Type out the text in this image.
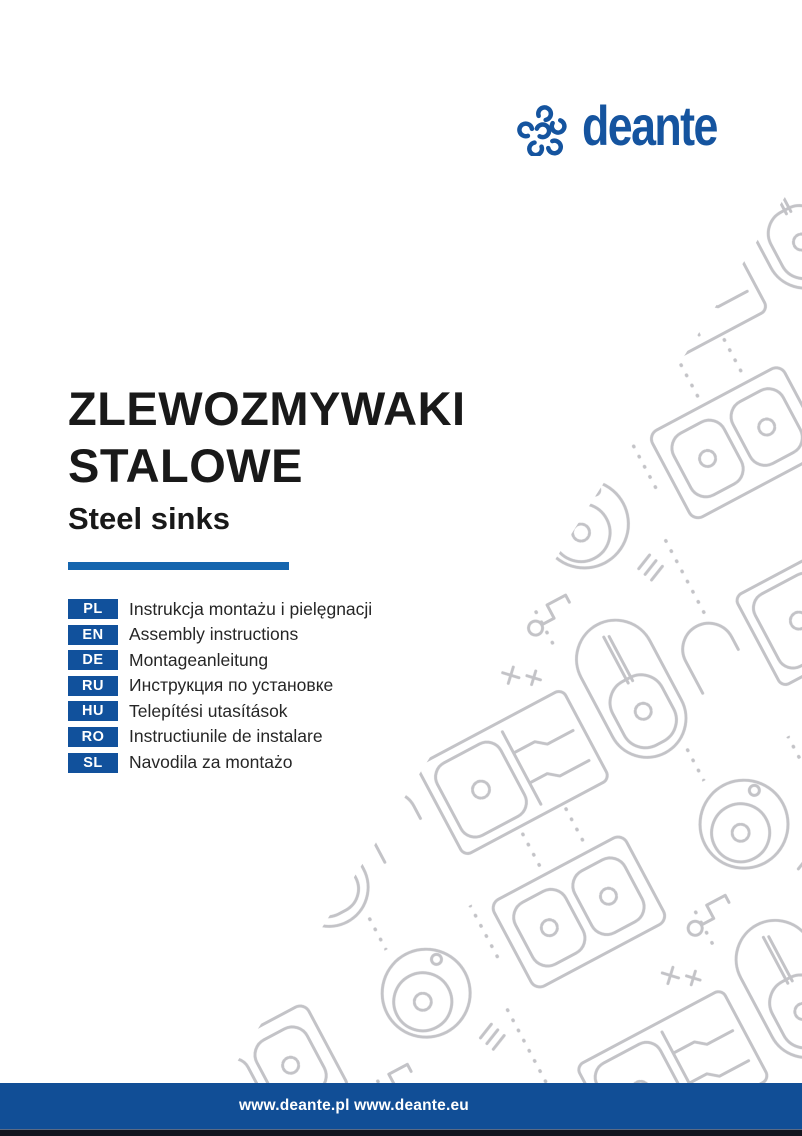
deante
ZLEWOZMYWAKI
STALOWE
Steel sinks
PL	Instrukcja montażu i pielęgnacji
EN	Assembly instructions
DE	Montageanleitung
RU	Инструкция по установке
HU	Telepítési utasítások
RO	Instructiunile de instalare
SL	Navodila za montażo
www.deante.pl www.deante.eu
